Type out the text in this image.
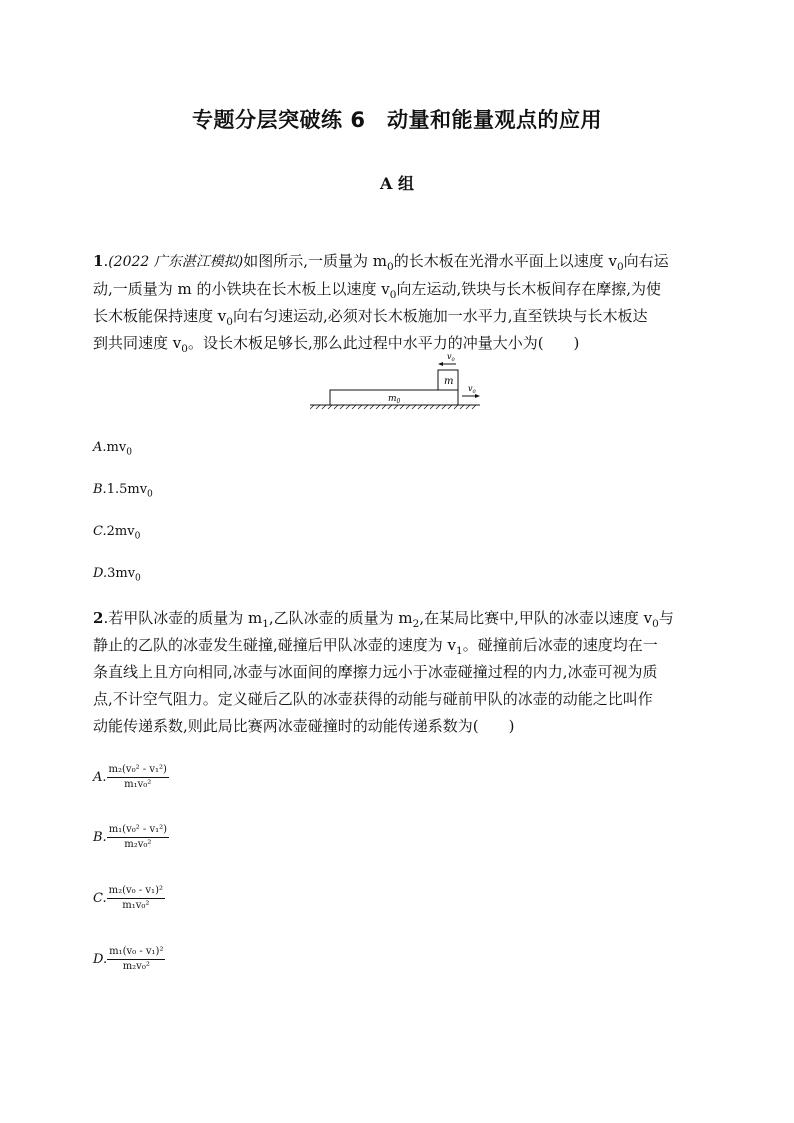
专题分层突破练 6　动量和能量观点的应用
A 组
1.(2022 广东湛江模拟)如图所示,一质量为 $m_0$的长木板在光滑水平面上以速度 $v_0$向右运
动,一质量为 m 的小铁块在长木板上以速度 $v_0$向左运动,铁块与长木板间存在摩擦,为使
长木板能保持速度 $v_0$向右匀速运动,必须对长木板施加一水平力,直至铁块与长木板达
到共同速度 $v_0$。设长木板足够长,那么此过程中水平力的冲量大小为(　　)
$m_0$
m
$v_0$
$v_0$
$A.mv_0$
$B.1.5mv_0$
$C.2mv_0$
$D.3mv_0$
2.若甲队冰壶的质量为 $m_1$,乙队冰壶的质量为 $m_2$,在某局比赛中,甲队的冰壶以速度 $v_0$与
静止的乙队的冰壶发生碰撞,碰撞后甲队冰壶的速度为 $v_1$。碰撞前后冰壶的速度均在一
条直线上且方向相同,冰壶与冰面间的摩擦力远小于冰壶碰撞过程的内力,冰壶可视为质
点,不计空气阻力。定义碰后乙队的冰壶获得的动能与碰前甲队的冰壶的动能之比叫作
动能传递系数,则此局比赛两冰壶碰撞时的动能传递系数为(　　)
A. $\frac{\text{m₂(v₀² - v₁²)}}{\text{m₁v₀²}}$
B. $\frac{\text{m₁(v₀² - v₁²)}}{\text{m₂v₀²}}$
C. $\frac{\text{m₂(v₀ - v₁)²}}{\text{m₁v₀²}}$
D. $\frac{\text{m₁(v₀ - v₁)²}}{\text{m₂v₀²}}$
